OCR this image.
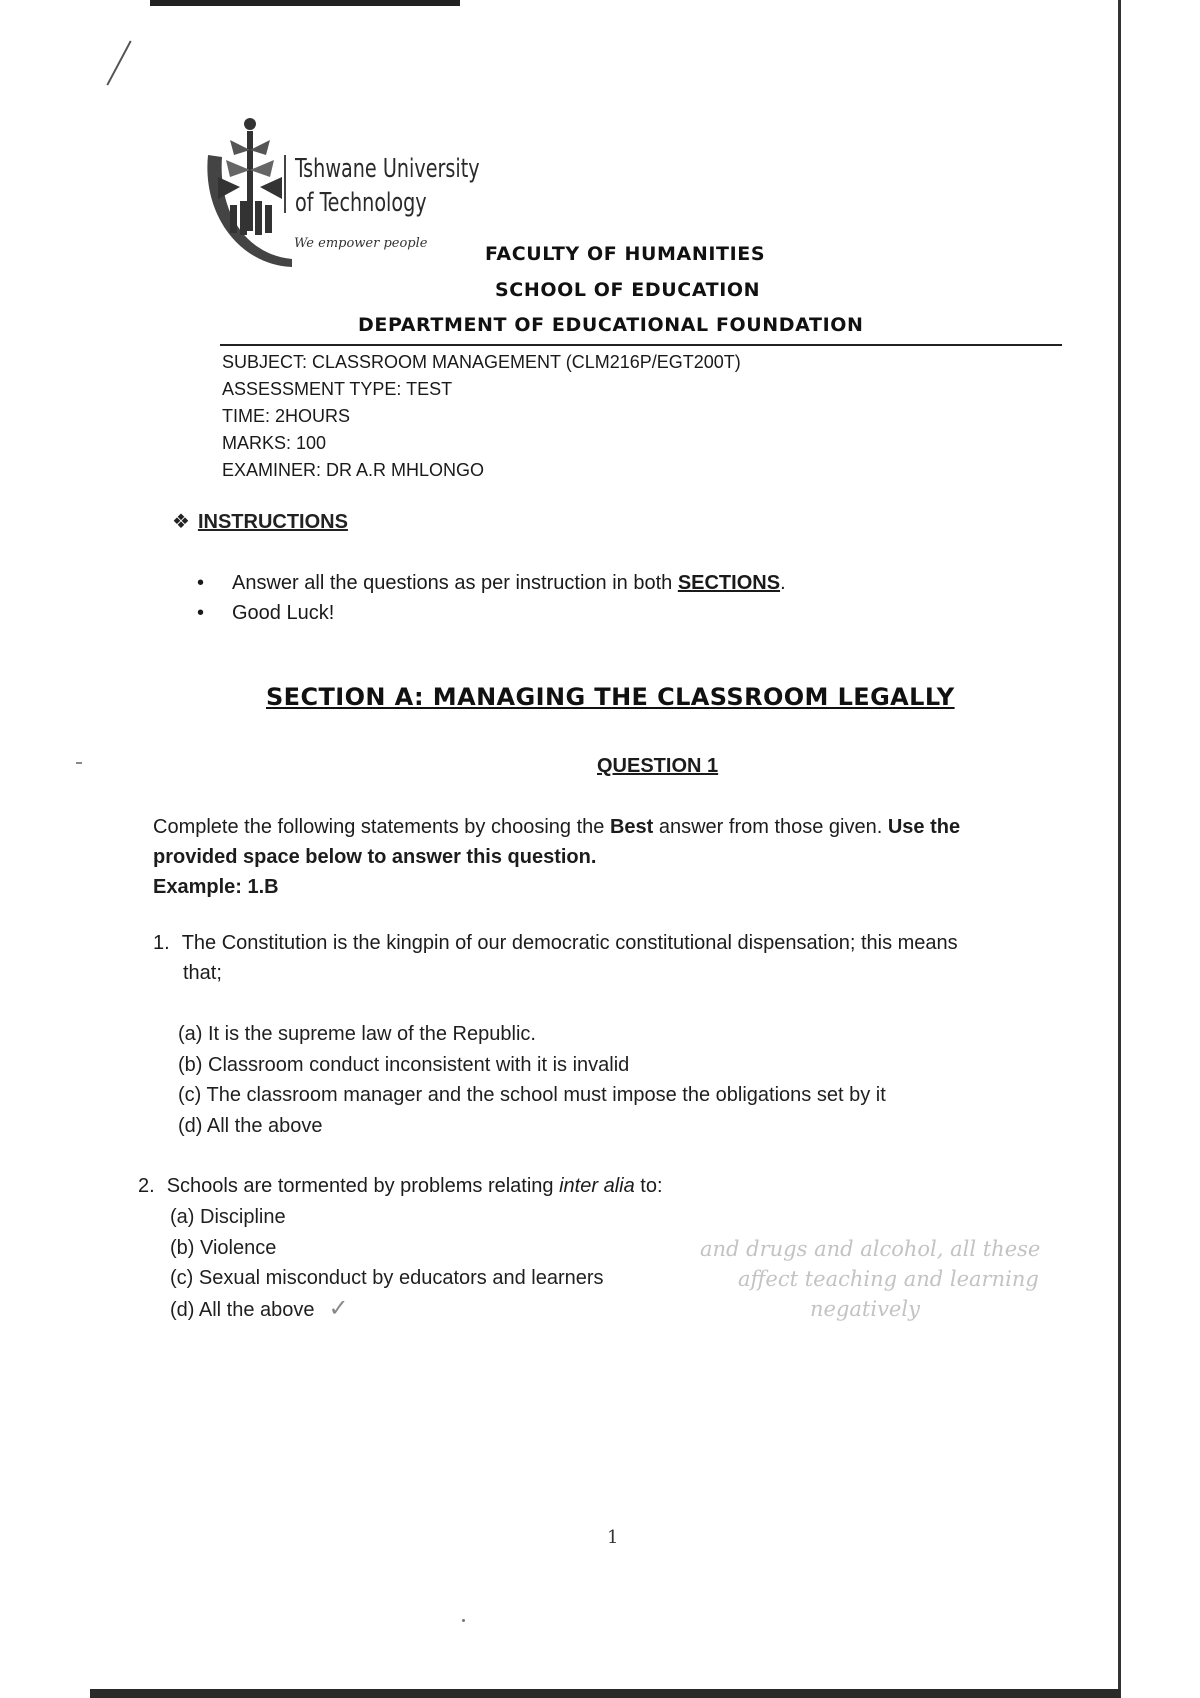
Tshwane University
of Technology
We empower people	FACULTY OF HUMANITIES
SCHOOL OF EDUCATION
DEPARTMENT OF EDUCATIONAL FOUNDATION
SUBJECT: CLASSROOM MANAGEMENT (CLM216P/EGT200T)
ASSESSMENT TYPE: TEST
TIME: 2HOURS
MARKS: 100
EXAMINER: DR A.R MHLONGO
❖ INSTRUCTIONS
• Answer all the questions as per instruction in both SECTIONS.
• Good Luck!
SECTION A: MANAGING THE CLASSROOM LEGALLY
QUESTION 1
Complete the following statements by choosing the Best answer from those given. Use the
provided space below to answer this question.
Example: 1.B
1. The Constitution is the kingpin of our democratic constitutional dispensation; this means
that;
(a) It is the supreme law of the Republic.
(b) Classroom conduct inconsistent with it is invalid
(c) The classroom manager and the school must impose the obligations set by it
(d) All the above
2. Schools are tormented by problems relating inter alia to:
(a) Discipline
(b) Violence
(c) Sexual misconduct by educators and learners
(d) All the above ✓
and drugs and alcohol, all these
affect teaching and learning
negatively
1
